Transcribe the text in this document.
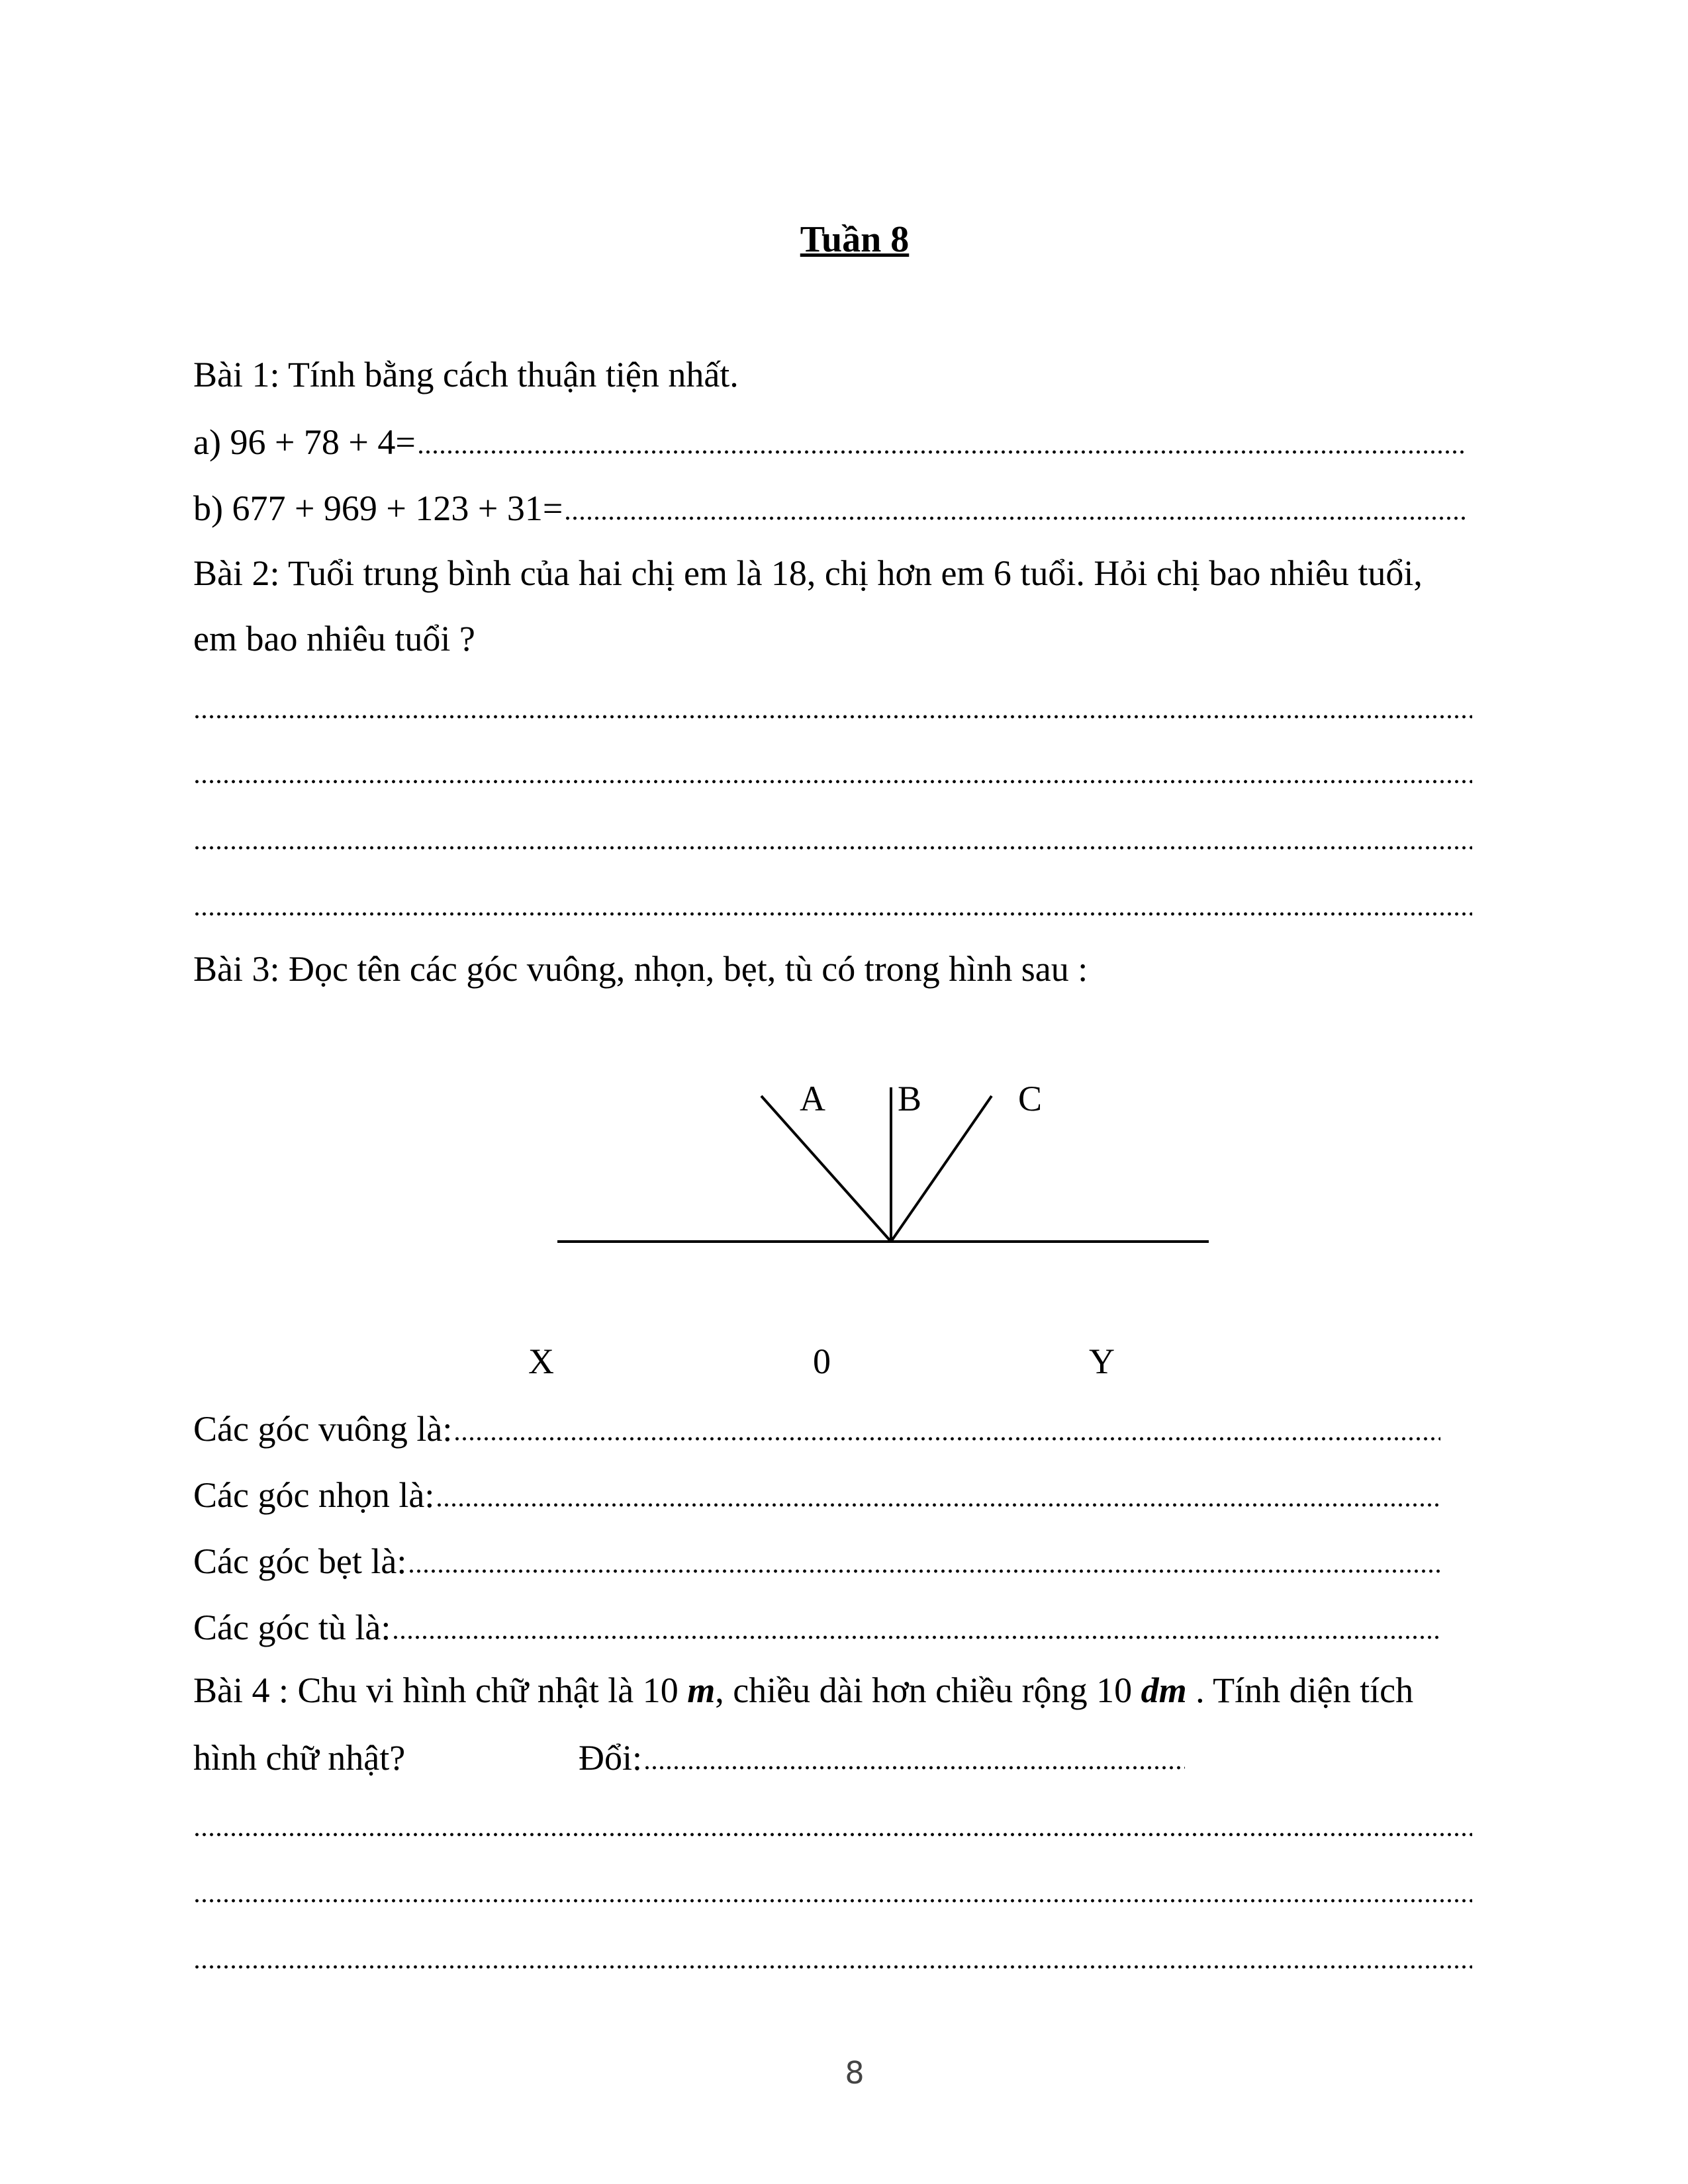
Tuần 8
Bài 1: Tính bằng cách thuận tiện nhất.
a) 96 + 78 + 4=
b) 677 + 969 + 123 + 31=
Bài 2: Tuổi trung bình của hai chị em là 18, chị hơn em 6 tuổi. Hỏi chị bao nhiêu tuổi,
em bao nhiêu tuổi ?
Bài 3: Đọc tên các góc vuông, nhọn, bẹt, tù có trong hình sau :
A B	C
X	0	Y
Các góc vuông là:
Các góc nhọn là:
Các góc bẹt là:
Các góc tù là:
Bài 4 : Chu vi hình chữ nhật là 10 m , chiều dài hơn chiều rộng 10 dm . Tính diện tích
hình chữ nhật?	Đổi:
8
